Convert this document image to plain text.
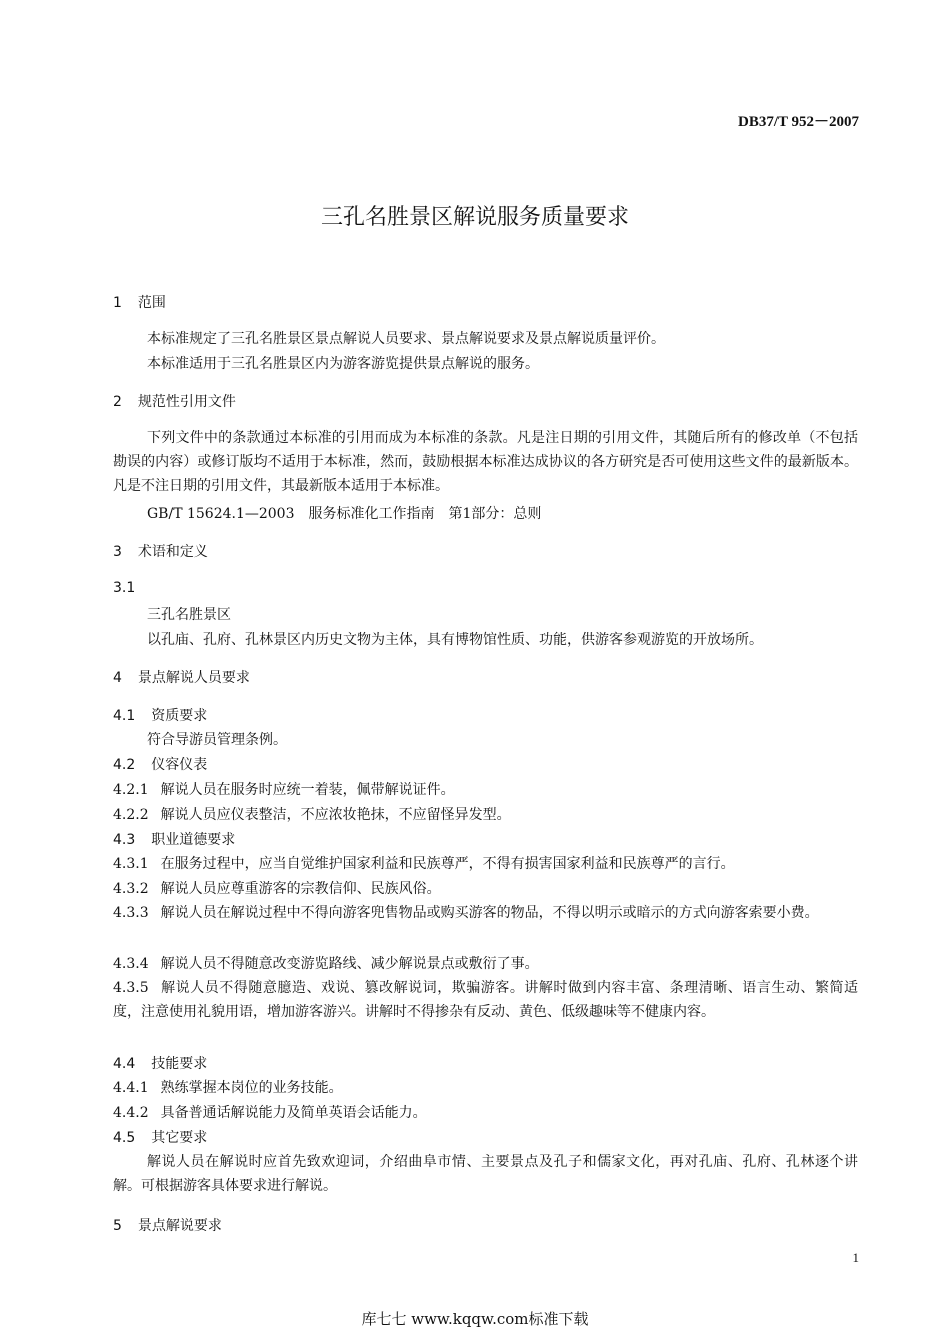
DB37/T 952－2007
三孔名胜景区解说服务质量要求
1 范围
本标准规定了三孔名胜景区景点解说人员要求、景点解说要求及景点解说质量评价。
本标准适用于三孔名胜景区内为游客游览提供景点解说的服务。
2 规范性引用文件
下列文件中的条款通过本标准的引用而成为本标准的条款。凡是注日期的引用文件，其随后所有的修改单（不包括勘误的内容）或修订版均不适用于本标准，然而，鼓励根据本标准达成协议的各方研究是否可使用这些文件的最新版本。凡是不注日期的引用文件，其最新版本适用于本标准。
GB/T 15624.1—2003　服务标准化工作指南　第1部分：总则
3 术语和定义
3.1
三孔名胜景区
以孔庙、孔府、孔林景区内历史文物为主体，具有博物馆性质、功能，供游客参观游览的开放场所。
4 景点解说人员要求
4.1 资质要求
符合导游员管理条例。
4.2 仪容仪表
4.2.1 解说人员在服务时应统一着装，佩带解说证件。
4.2.2 解说人员应仪表整洁，不应浓妆艳抹，不应留怪异发型。
4.3 职业道德要求
4.3.1 在服务过程中，应当自觉维护国家利益和民族尊严，不得有损害国家利益和民族尊严的言行。
4.3.2 解说人员应尊重游客的宗教信仰、民族风俗。
4.3.3 解说人员在解说过程中不得向游客兜售物品或购买游客的物品，不得以明示或暗示的方式向游客索要小费。
4.3.4 解说人员不得随意改变游览路线、减少解说景点或敷衍了事。
4.3.5 解说人员不得随意臆造、戏说、篡改解说词，欺骗游客。讲解时做到内容丰富、条理清晰、语言生动、繁简适度，注意使用礼貌用语，增加游客游兴。讲解时不得掺杂有反动、黄色、低级趣味等不健康内容。
4.4 技能要求
4.4.1 熟练掌握本岗位的业务技能。
4.4.2 具备普通话解说能力及简单英语会话能力。
4.5 其它要求
解说人员在解说时应首先致欢迎词，介绍曲阜市情、主要景点及孔子和儒家文化，再对孔庙、孔府、孔林逐个讲解。可根据游客具体要求进行解说。
5 景点解说要求
1
库七七 www.kqqw.com标准下载
